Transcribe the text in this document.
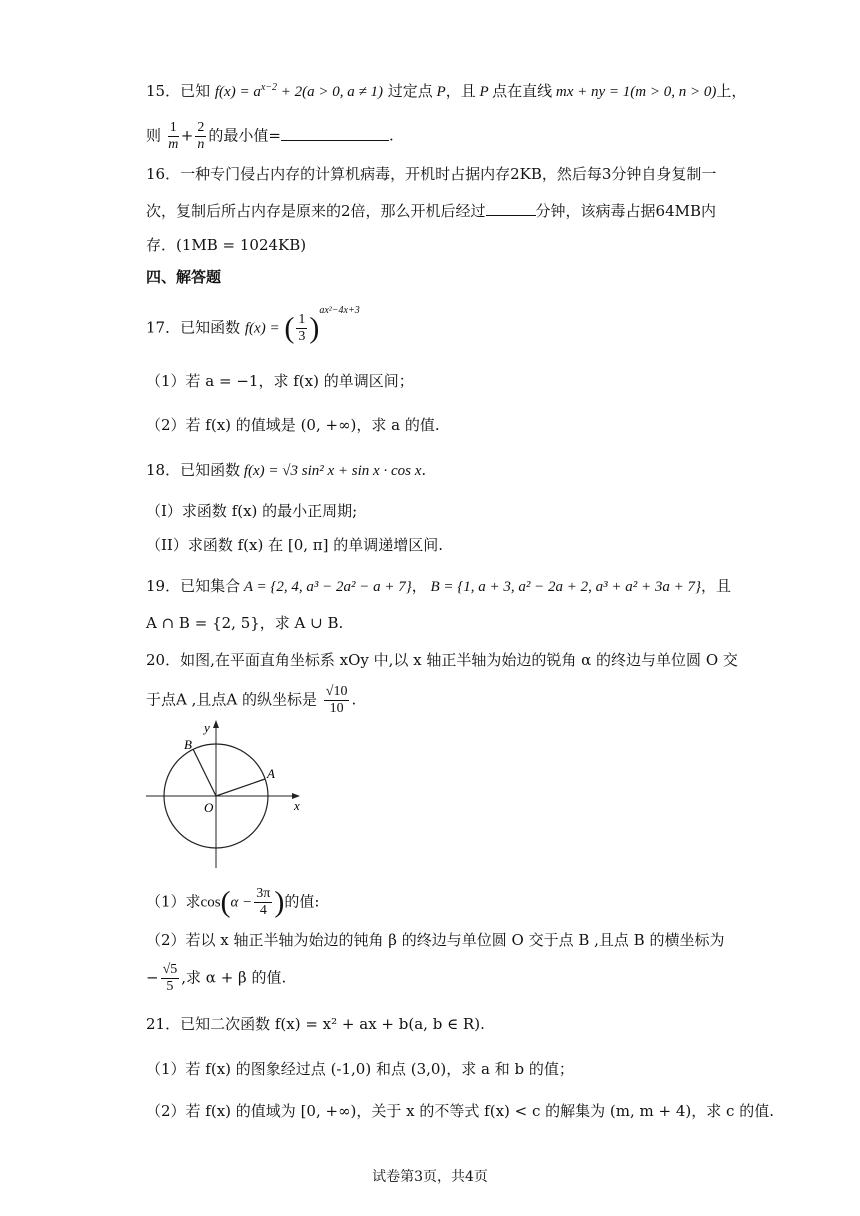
15．已知 $f(x) = a^{x-2} + 2(a > 0$, a ≠ 1) 过定点 P，且 P 点在直线 mx + ny = 1(m > 0, n > 0)上，
则 $\frac{1}{m} + \frac{2}{n}$ 的最小值=	.
16．一种专门侵占内存的计算机病毒，开机时占据内存2KB，然后每3分钟自身复制一
次，复制后所占内存是原来的2倍，那么开机后经过	分钟，该病毒占据64MB内
存．(1MB = 1024KB)
四、解答题
17．已知函数 f(x) = ( $\frac{1}{3} )^{ax^2-4x+3}$
（1）若 a = −1，求 f(x) 的单调区间；
（2）若 f(x) 的值域是 (0, +∞)，求 a 的值.
18．已知函数 f(x) = √3 sin² x + sin x · cos x.
（I）求函数 f(x) 的最小正周期;
（II）求函数 f(x) 在 [0, π] 的单调递增区间.
19．已知集合 A = {2, 4, a³ − 2a² − a + 7}， B = {1, a + 3, a² − 2a + 2, a³ + a² + 3a + 7}，且
A ∩ B = {2, 5}，求 A ∪ B.
20．如图,在平面直角坐标系 xOy 中,以 x 轴正半轴为始边的锐角 α 的终边与单位圆 O 交
于点A ,且点A 的纵坐标是 $\frac{√10}{10}$ .
y
x
O
A
B
（1）求$\cos(\alpha - \frac{3\pi}{4}$ )的值:
（2）若以 x 轴正半轴为始边的钝角 β 的终边与单位圆 O 交于点 B ,且点 B 的横坐标为
− $\frac{√5}{5}$ ,求 α + β 的值.
21．已知二次函数 f(x) = x² + ax + b(a, b ∈ R).
（1）若 f(x) 的图象经过点 (-1,0) 和点 (3,0)，求 a 和 b 的值；
（2）若 f(x) 的值域为 [0, +∞)，关于 x 的不等式 f(x) < c 的解集为 (m, m + 4)，求 c 的值.
试卷第3页，共4页
